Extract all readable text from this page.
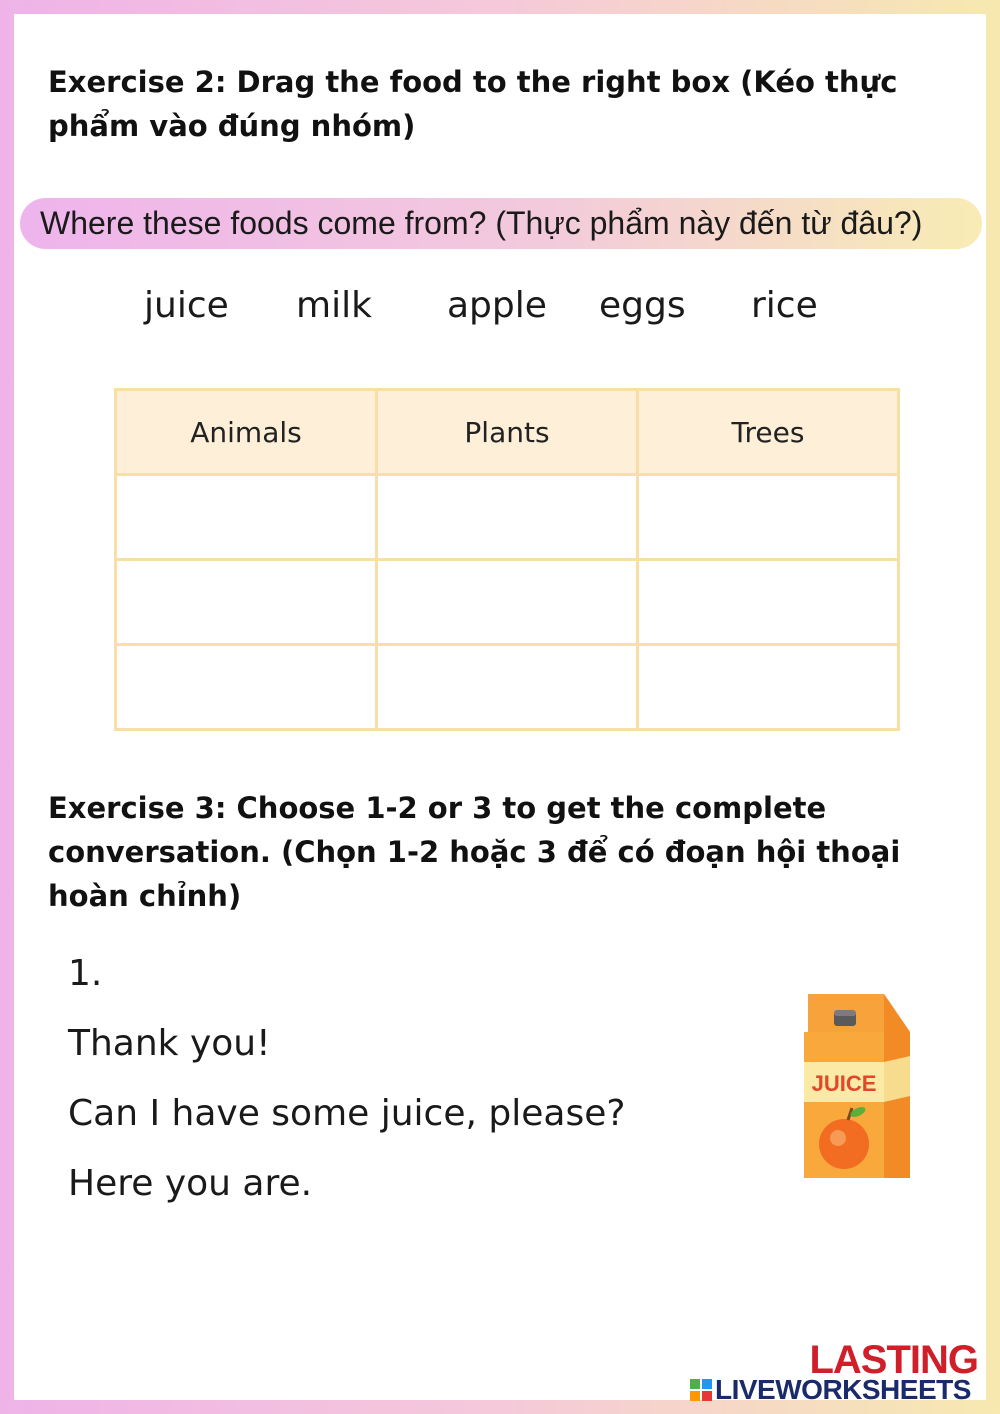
Exercise 2: Drag the food to the right box (Kéo thực phẩm vào đúng nhóm)
Where these foods come from? (Thực phẩm này đến từ đâu?)
juice milk apple eggs rice
Animals	Plants	Trees

Exercise 3: Choose 1-2 or 3 to get the complete conversation. (Chọn 1-2 hoặc 3 để có đoạn hội thoại hoàn chỉnh)
1.
Thank you!
Can I have some juice, please?
Here you are.
JUICE
LASTING
LIVEWORKSHEETS
